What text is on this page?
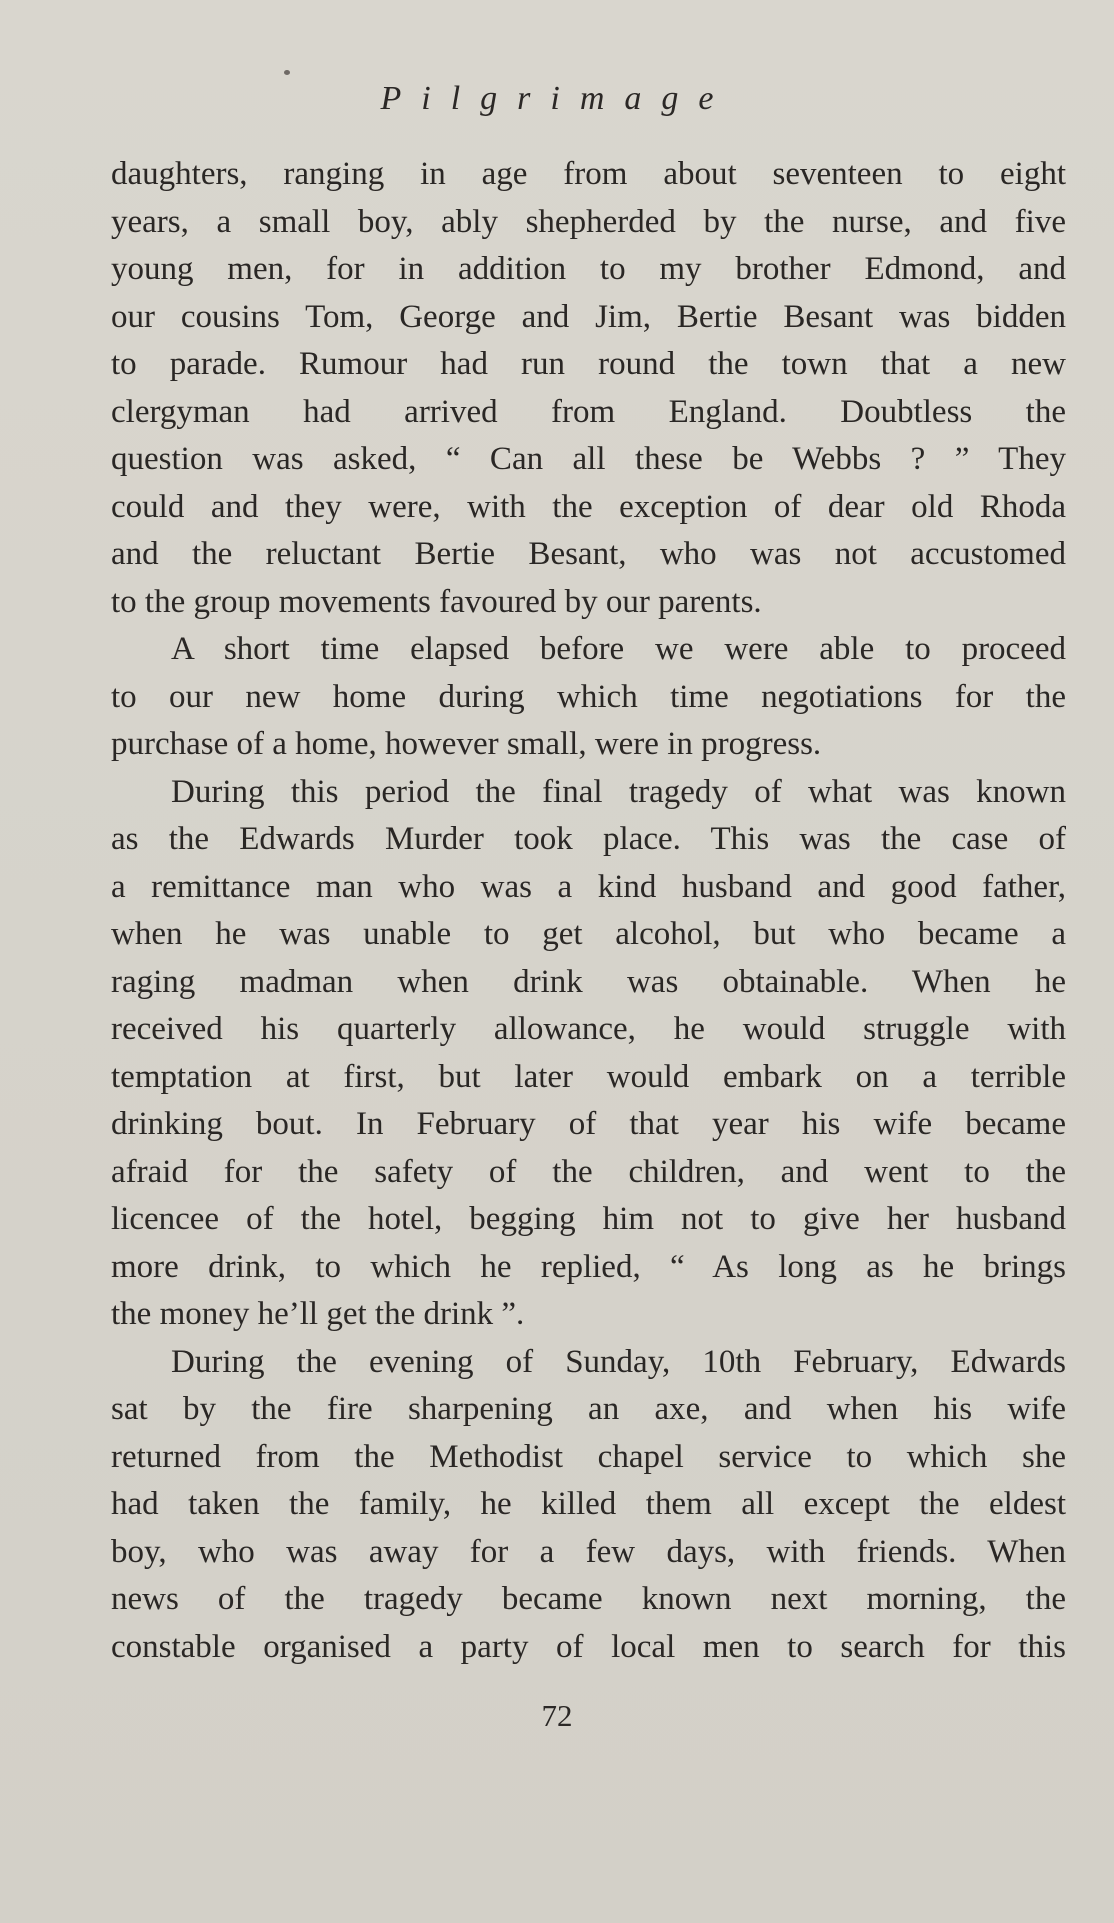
Pilgrimage
daughters, ranging in age from about seventeen to eight
years, a small boy, ably shepherded by the nurse, and five
young men, for in addition to my brother Edmond, and
our cousins Tom, George and Jim, Bertie Besant was bidden
to parade. Rumour had run round the town that a new
clergyman had arrived from England. Doubtless the
question was asked, “ Can all these be Webbs ? ” They
could and they were, with the exception of dear old Rhoda
and the reluctant Bertie Besant, who was not accustomed
to the group movements favoured by our parents.
A short time elapsed before we were able to proceed
to our new home during which time negotiations for the
purchase of a home, however small, were in progress.
During this period the final tragedy of what was known
as the Edwards Murder took place. This was the case of
a remittance man who was a kind husband and good father,
when he was unable to get alcohol, but who became a
raging madman when drink was obtainable. When he
received his quarterly allowance, he would struggle with
temptation at first, but later would embark on a terrible
drinking bout. In February of that year his wife became
afraid for the safety of the children, and went to the
licencee of the hotel, begging him not to give her husband
more drink, to which he replied, “ As long as he brings
the money he’ll get the drink ”.
During the evening of Sunday, 10th February, Edwards
sat by the fire sharpening an axe, and when his wife
returned from the Methodist chapel service to which she
had taken the family, he killed them all except the eldest
boy, who was away for a few days, with friends. When
news of the tragedy became known next morning, the
constable organised a party of local men to search for this
72
